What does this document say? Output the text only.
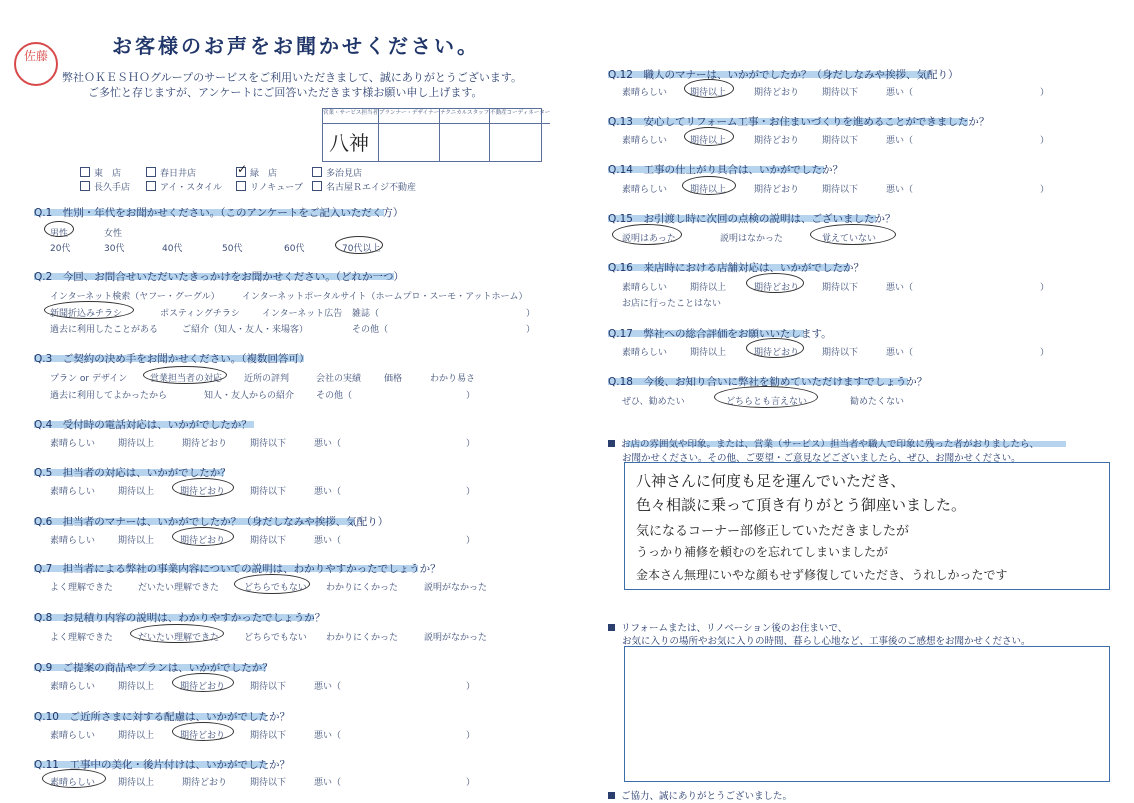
佐藤	お客様のお声をお聞かせください。
弊社ＯＫＥＳＨＯグループのサービスをご利用いただきまして、誠にありがとうございます。
ご多忙と存じますが、アンケートにご回答いただきます様お願い申し上げます。
営業・サービス担当者
八神
プランナー・デザイナー テクニカルスタッフ 不動産コーディネーター
東　店	春日井店	✓ 緑　店	多治見店
長久手店	アイ・スタイル	リノキューブ	名古屋Ｒエイジ不動産
Q.1　性別・年代をお聞かせください。（このアンケートをご記入いただく方）
男性	女性
20代	30代	40代	50代	60代	70代以上
Q.2　今回、お問合せいただいたきっかけをお聞かせください。（どれか一つ）
インターネット検索（ヤフー・グーグル） インターネットポータルサイト（ホームプロ・スーモ・アットホーム）
新聞折込みチラシ	ポスティングチラシ インターネット広告 雑誌（	）
過去に利用したことがある	ご紹介（知人・友人・来場客）	その他（	）
Q.3　ご契約の決め手をお聞かせください。（複数回答可）
プラン or デザイン	営業担当者の対応 近所の評判	会社の実績	価格	わかり易さ
過去に利用してよかったから	知人・友人からの紹介 その他（	）
Q.4　受付時の電話対応は、いかがでしたか？
素晴らしい	期待以上	期待どおり	期待以下	悪い（	）
Q.5　担当者の対応は、いかがでしたか？
素晴らしい	期待以上	期待どおり	期待以下	悪い（	）
Q.6　担当者のマナーは、いかがでしたか？（身だしなみや挨拶、気配り）
素晴らしい	期待以上	期待どおり	期待以下	悪い（	）
Q.7　担当者による弊社の事業内容についての説明は、わかりやすかったでしょうか？
よく理解できた	だいたい理解できた	どちらでもない わかりにくかった	説明がなかった
Q.8　お見積り内容の説明は、わかりやすかったでしょうか？
よく理解できた	だいたい理解できた	どちらでもない わかりにくかった	説明がなかった
Q.9　ご提案の商品やプランは、いかがでしたか？
素晴らしい	期待以上	期待どおり	期待以下	悪い（	）
Q.10　ご近所さまに対する配慮は、いかがでしたか？
素晴らしい	期待以上	期待どおり	期待以下	悪い（	）
Q.11　工事中の美化・後片付けは、いかがでしたか？
素晴らしい	期待以上	期待どおり	期待以下	悪い（	）
Q.12　職人のマナーは、いかがでしたか？（身だしなみや挨拶、気配り）
素晴らしい	期待以上	期待どおり	期待以下	悪い（	）
Q.13　安心してリフォーム工事・お住まいづくりを進めることができましたか？
素晴らしい	期待以上	期待どおり	期待以下	悪い（	）
Q.14　工事の仕上がり具合は、いかがでしたか？
素晴らしい	期待以上	期待どおり	期待以下	悪い（	）
Q.15　お引渡し時に次回の点検の説明は、ございましたか？
説明はあった	説明はなかった	覚えていない
Q.16　来店時における店舗対応は、いかがでしたか？
素晴らしい	期待以上	期待どおり	期待以下	悪い（	）
お店に行ったことはない
Q.17　弊社への総合評価をお願いいたします。
素晴らしい	期待以上	期待どおり	期待以下	悪い（	）
Q.18　今後、お知り合いに弊社を勧めていただけますでしょうか？
ぜひ、勧めたい	どちらとも言えない	勧めたくない
お店の雰囲気や印象。または、営業（サービス）担当者や職人で印象に残った者がおりましたら、
お聞かせください。その他、ご要望・ご意見などございましたら、ぜひ、お聞かせください。
八神さんに何度も足を運んでいただき、
色々相談に乗って頂き有りがとう御座いました。
気になるコーナー部修正していただきましたが
うっかり補修を頼むのを忘れてしまいましたが
金本さん無理にいやな顔もせず修復していただき、うれしかったです
リフォームまたは、リノベーション後のお住まいで、
お気に入りの場所やお気に入りの時間、暮らし心地など、工事後のご感想をお聞かせください。
ご協力、誠にありがとうございました。
